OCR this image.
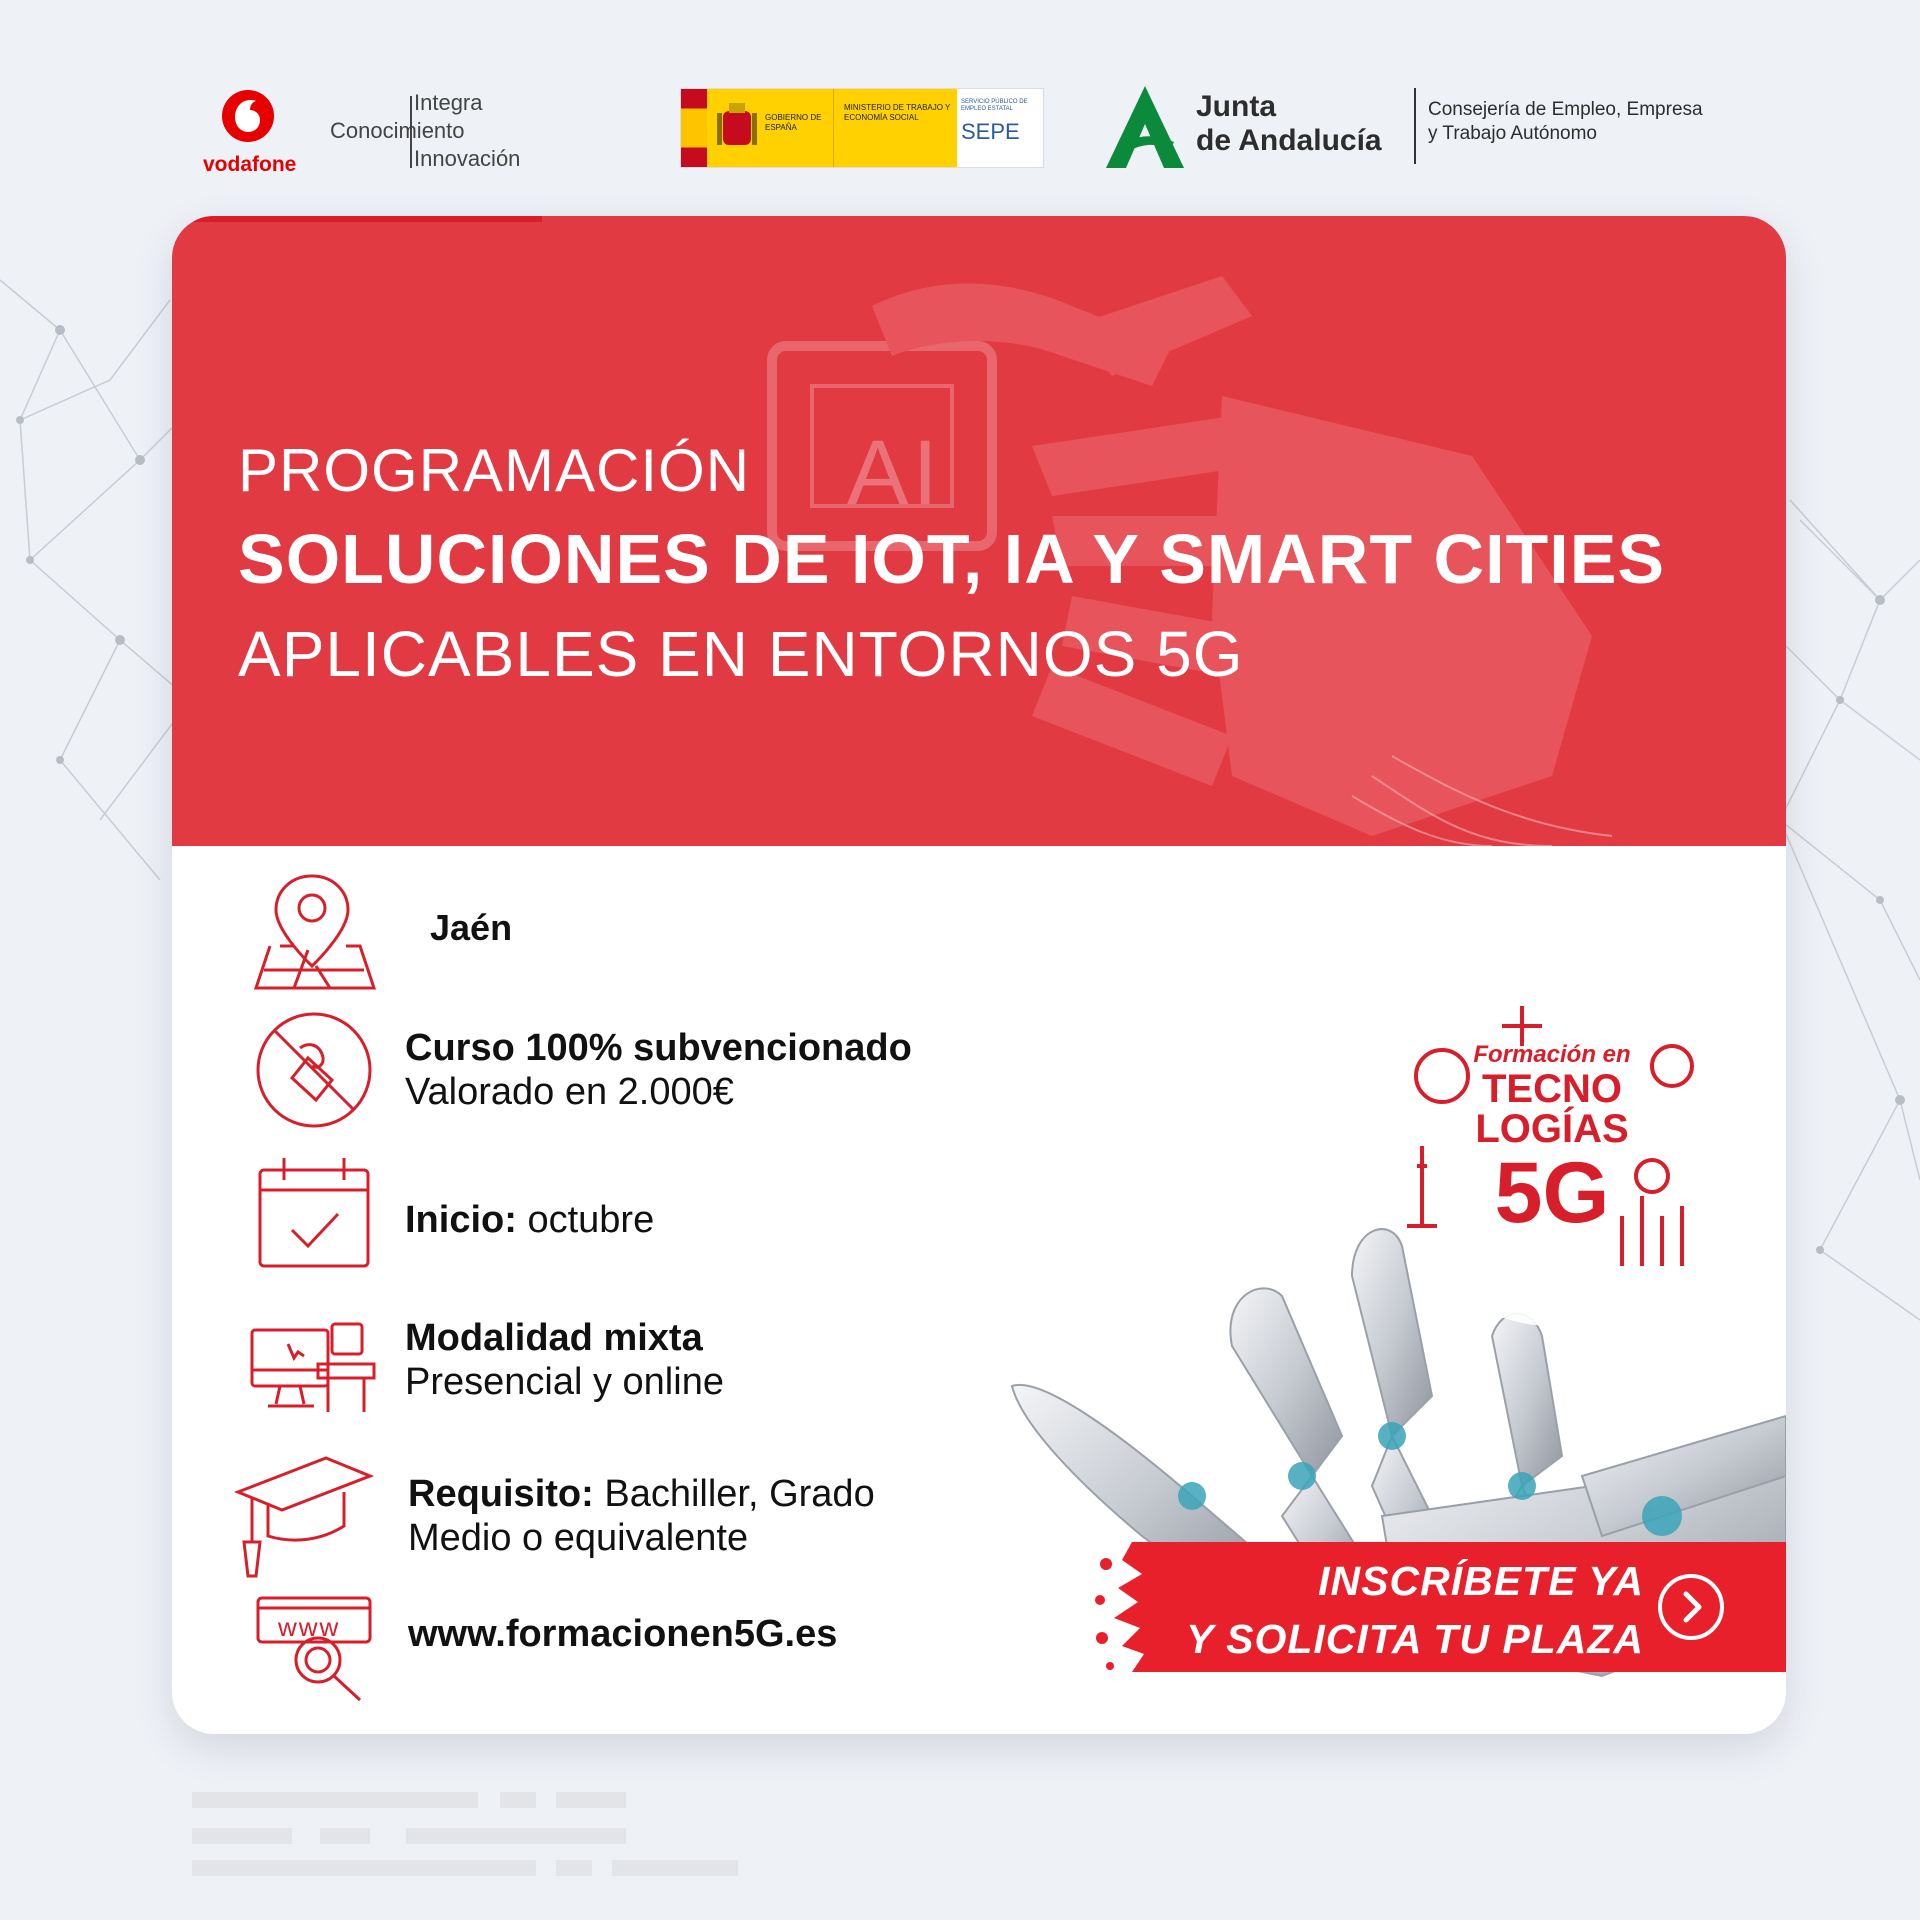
vodafone
Integra
Conocimiento
Innovación
GOBIERNO DE ESPAÑA
MINISTERIO DE TRABAJO Y ECONOMÍA SOCIAL
SERVICIO PÚBLICO DE EMPLEO ESTATAL
SEPE
Junta
de Andalucía
Consejería de Empleo, Empresa
y Trabajo Autónomo
AI
PROGRAMACIÓN
SOLUCIONES DE IOT, IA Y SMART CITIES
APLICABLES EN ENTORNOS 5G
Formación en
TECNO
LOGÍAS
5G
www
Jaén
Curso 100% subvencionado
Valorado en 2.000€
Inicio: octubre
Modalidad mixta
Presencial y online
Requisito: Bachiller, Grado
Medio o equivalente
www.formacionen5G.es
INSCRÍBETE YA
Y SOLICITA TU PLAZA
